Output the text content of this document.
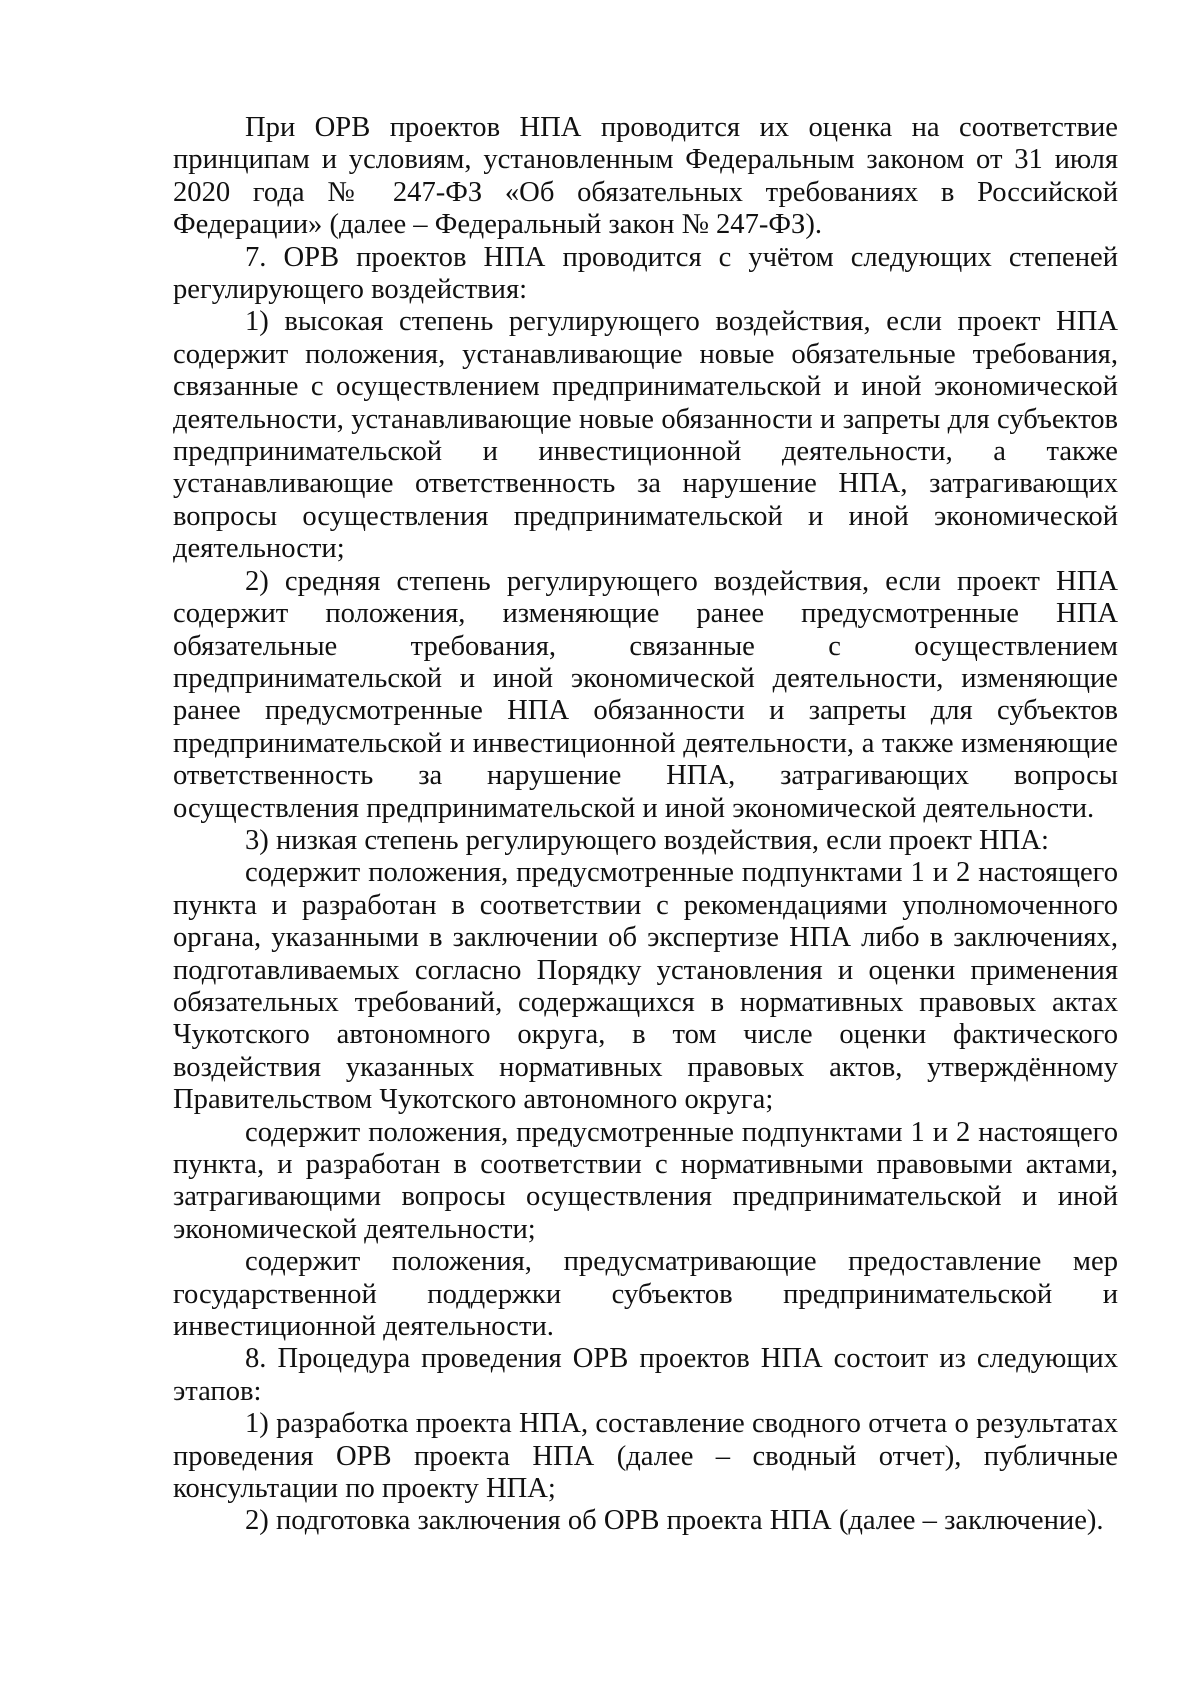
При ОРВ проектов НПА проводится их оценка на соответствие принципам и условиям, установленным Федеральным законом от 31 июля 2020 года № 247-ФЗ «Об обязательных требованиях в Российской Федерации» (далее – Федеральный закон № 247-ФЗ).

7. ОРВ проектов НПА проводится с учётом следующих степеней регулирующего воздействия:

1) высокая степень регулирующего воздействия, если проект НПА содержит положения, устанавливающие новые обязательные требования, связанные с осуществлением предпринимательской и иной экономической деятельности, устанавливающие новые обязанности и запреты для субъектов предпринимательской и инвестиционной деятельности, а также устанавливающие ответственность за нарушение НПА, затрагивающих вопросы осуществления предпринимательской и иной экономической деятельности;

2) средняя степень регулирующего воздействия, если проект НПА содержит положения, изменяющие ранее предусмотренные НПА обязательные требования, связанные с осуществлением предпринимательской и иной экономической деятельности, изменяющие ранее предусмотренные НПА обязанности и запреты для субъектов предпринимательской и инвестиционной деятельности, а также изменяющие ответственность за нарушение НПА, затрагивающих вопросы осуществления предпринимательской и иной экономической деятельности.

3) низкая степень регулирующего воздействия, если проект НПА:

содержит положения, предусмотренные подпунктами 1 и 2 настоящего пункта и разработан в соответствии с рекомендациями уполномоченного органа, указанными в заключении об экспертизе НПА либо в заключениях, подготавливаемых согласно Порядку установления и оценки применения обязательных требований, содержащихся в нормативных правовых актах Чукотского автономного округа, в том числе оценки фактического воздействия указанных нормативных правовых актов, утверждённому Правительством Чукотского автономного округа;

содержит положения, предусмотренные подпунктами 1 и 2 настоящего пункта, и разработан в соответствии с нормативными правовыми актами, затрагивающими вопросы осуществления предпринимательской и иной экономической деятельности;

содержит положения, предусматривающие предоставление мер государственной поддержки субъектов предпринимательской и инвестиционной деятельности.

8. Процедура проведения ОРВ проектов НПА состоит из следующих этапов:

1) разработка проекта НПА, составление сводного отчета о результатах проведения ОРВ проекта НПА (далее – сводный отчет), публичные консультации по проекту НПА;

2) подготовка заключения об ОРВ проекта НПА (далее – заключение).
